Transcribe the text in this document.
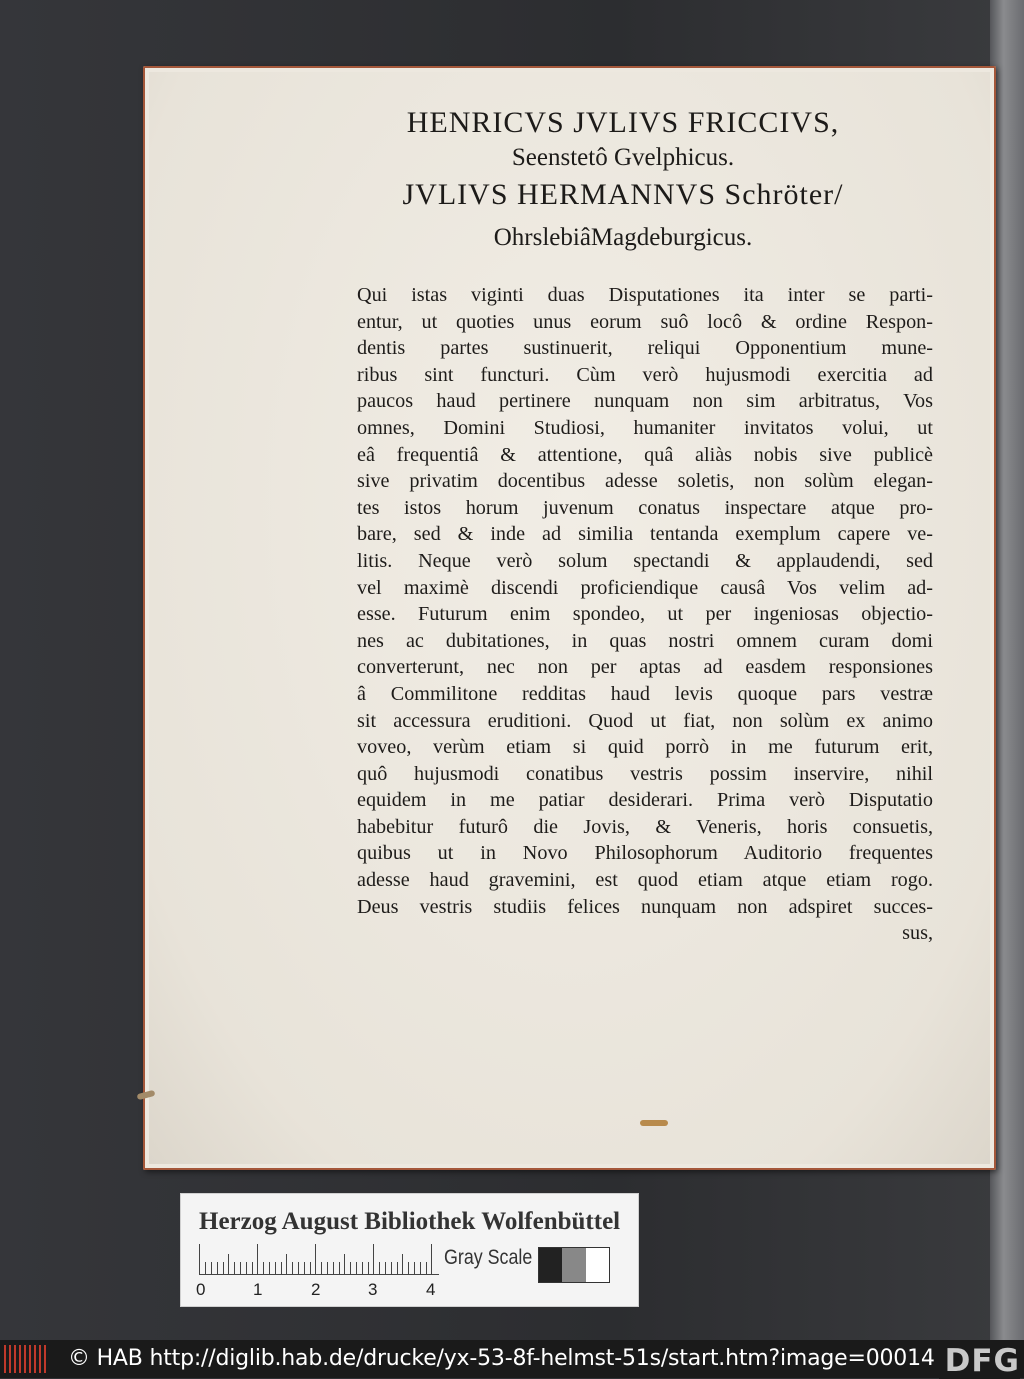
HENRICVS JVLIVS FRICCIVS,
Seenstetô Gvelphicus.
JVLIVS HERMANNVS Schröter/
OhrslebiâMagdeburgicus.
Qui istas viginti duas Disputationes ita inter se parti-
entur, ut quoties unus eorum suô locô & ordine Respon-
dentis partes sustinuerit, reliqui Opponentium mune-
ribus sint functuri. Cùm verò hujusmodi exercitia ad
paucos haud pertinere nunquam non sim arbitratus, Vos
omnes, Domini Studiosi, humaniter invitatos volui, ut
eâ frequentiâ & attentione, quâ aliàs nobis sive publicè
sive privatim docentibus adesse soletis, non solùm elegan-
tes istos horum juvenum conatus inspectare atque pro-
bare, sed & inde ad similia tentanda exemplum capere ve-
litis. Neque verò solum spectandi & applaudendi, sed
vel maximè discendi proficiendique causâ Vos velim ad-
esse. Futurum enim spondeo, ut per ingeniosas objectio-
nes ac dubitationes, in quas nostri omnem curam domi
converterunt, nec non per aptas ad easdem responsiones
â Commilitone redditas haud levis quoque pars vestræ
sit accessura eruditioni. Quod ut fiat, non solùm ex animo
voveo, verùm etiam si quid porrò in me futurum erit,
quô hujusmodi conatibus vestris possim inservire, nihil
equidem in me patiar desiderari. Prima verò Disputatio
habebitur futurô die Jovis, & Veneris, horis consuetis,
quibus ut in Novo Philosophorum Auditorio frequentes
adesse haud gravemini, est quod etiam atque etiam rogo.
Deus vestris studiis felices nunquam non adspiret succes-
sus,
Herzog August Bibliothek Wolfenbüttel
0	1	2	3	4
Gray Scale
© HAB http://diglib.hab.de/drucke/yx-53-8f-helmst-51s/start.htm?image=00014 DFG
